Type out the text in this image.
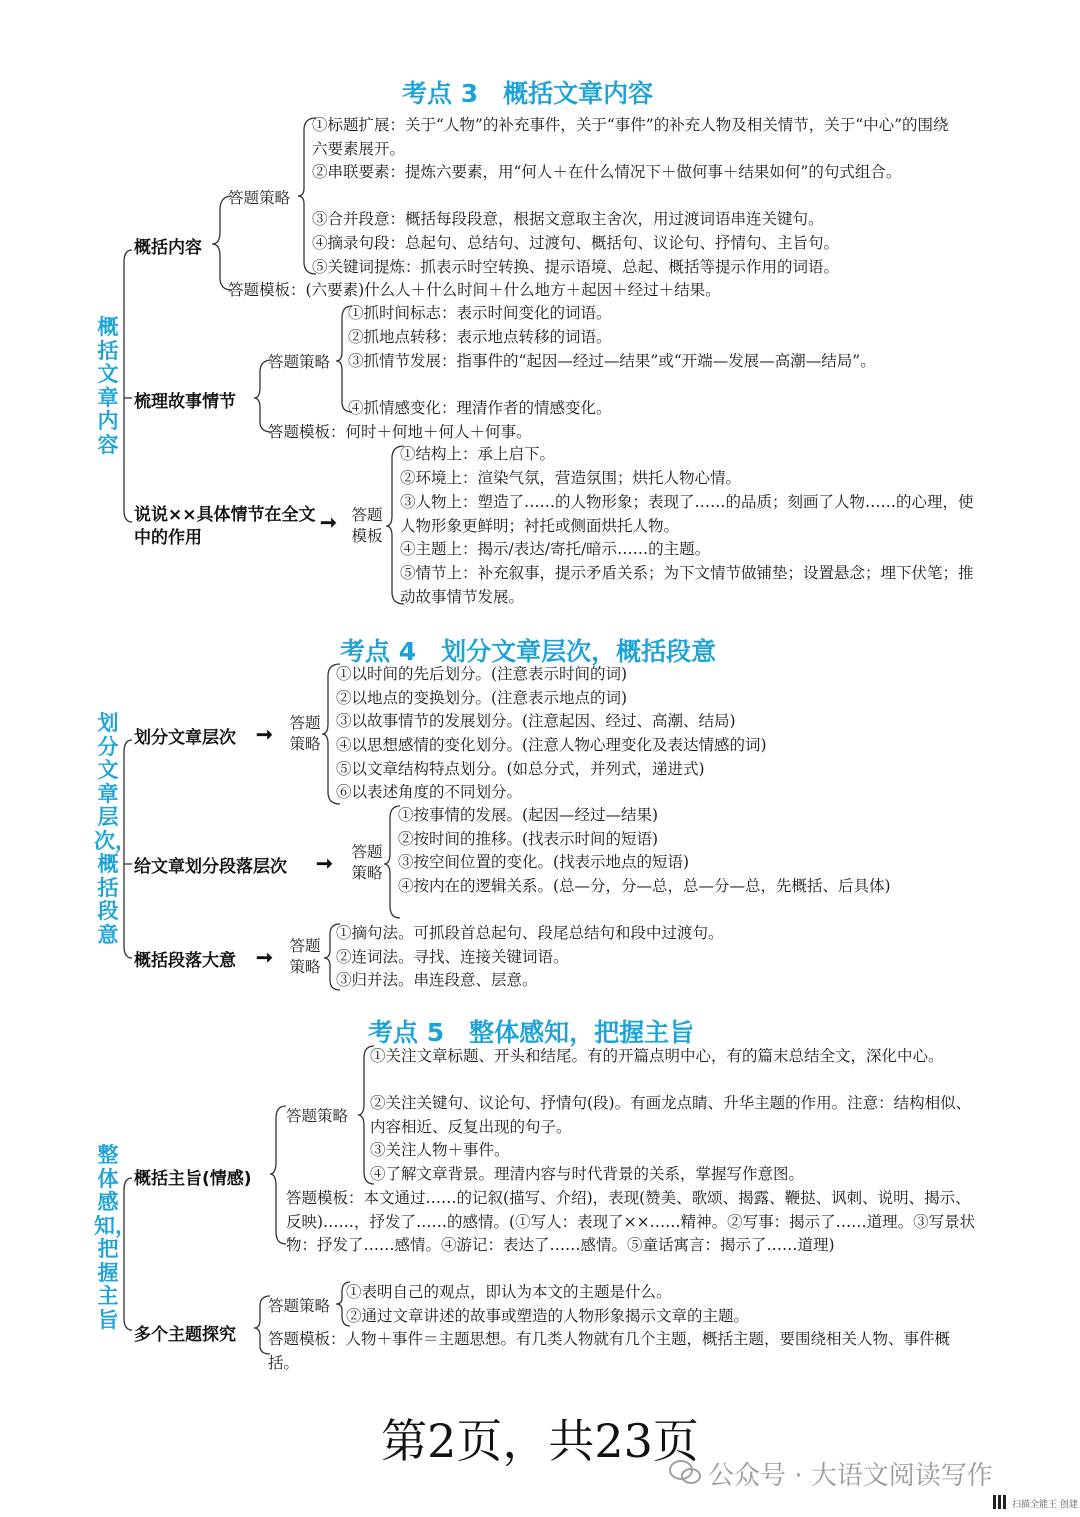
考点 3　概括文章内容
概括文章内容
概括内容
答题策略
①标题扩展：关于“人物”的补充事件，关于“事件”的补充人物及相关情节，关于“中心”的围绕六要素展开。
②串联要素：提炼六要素，用“何人＋在什么情况下＋做何事＋结果如何”的句式组合。
③合并段意：概括每段段意，根据文意取主舍次，用过渡词语串连关键句。
④摘录句段：总起句、总结句、过渡句、概括句、议论句、抒情句、主旨句。
⑤关键词提炼：抓表示时空转换、提示语境、总起、概括等提示作用的词语。
答题模板：(六要素)什么人＋什么时间＋什么地方＋起因＋经过＋结果。
梳理故事情节
答题策略
①抓时间标志：表示时间变化的词语。
②抓地点转移：表示地点转移的词语。
③抓情节发展：指事件的“起因—经过—结果”或“开端—发展—高潮—结局”。
④抓情感变化：理清作者的情感变化。
答题模板：何时＋何地＋何人＋何事。
说说××具体情节在全文中的作用
➞ 答题模板
①结构上：承上启下。
②环境上：渲染气氛，营造氛围；烘托人物心情。
③人物上：塑造了……的人物形象；表现了……的品质；刻画了人物……的心理，使人物形象更鲜明；衬托或侧面烘托人物。
④主题上：揭示/表达/寄托/暗示……的主题。
⑤情节上：补充叙事，提示矛盾关系；为下文情节做铺垫；设置悬念；埋下伏笔；推动故事情节发展。
考点 4　划分文章层次，概括段意
划分文章层次，概括段意
划分文章层次 ➞ 答题策略
①以时间的先后划分。(注意表示时间的词)
②以地点的变换划分。(注意表示地点的词)
③以故事情节的发展划分。(注意起因、经过、高潮、结局)
④以思想感情的变化划分。(注意人物心理变化及表达情感的词)
⑤以文章结构特点划分。(如总分式，并列式，递进式)
⑥以表述角度的不同划分。
给文章划分段落层次 ➞ 答题策略
①按事情的发展。(起因—经过—结果)
②按时间的推移。(找表示时间的短语)
③按空间位置的变化。(找表示地点的短语)
④按内在的逻辑关系。(总—分，分—总，总—分—总，先概括、后具体)
概括段落大意 ➞ 答题策略
①摘句法。可抓段首总起句、段尾总结句和段中过渡句。
②连词法。寻找、连接关键词语。
③归并法。串连段意、层意。
考点 5　整体感知，把握主旨
整体感知，把握主旨
概括主旨(情感)
答题策略
①关注文章标题、开头和结尾。有的开篇点明中心，有的篇末总结全文，深化中心。
②关注关键句、议论句、抒情句(段)。有画龙点睛、升华主题的作用。注意：结构相似、内容相近、反复出现的句子。
③关注人物＋事件。
④了解文章背景。理清内容与时代背景的关系，掌握写作意图。
答题模板：本文通过……的记叙(描写、介绍)，表现(赞美、歌颂、揭露、鞭挞、讽刺、说明、揭示、反映)……，抒发了……的感情。(①写人：表现了××……精神。②写事：揭示了……道理。③写景状物：抒发了……感情。④游记：表达了……感情。⑤童话寓言：揭示了……道理)
多个主题探究
答题策略
①表明自己的观点，即认为本文的主题是什么。
②通过文章讲述的故事或塑造的人物形象揭示文章的主题。
答题模板：人物＋事件＝主题思想。有几类人物就有几个主题，概括主题，要围绕相关人物、事件概括。
第2页，共23页
公众号 · 大语文阅读写作
扫描全能王 创建
